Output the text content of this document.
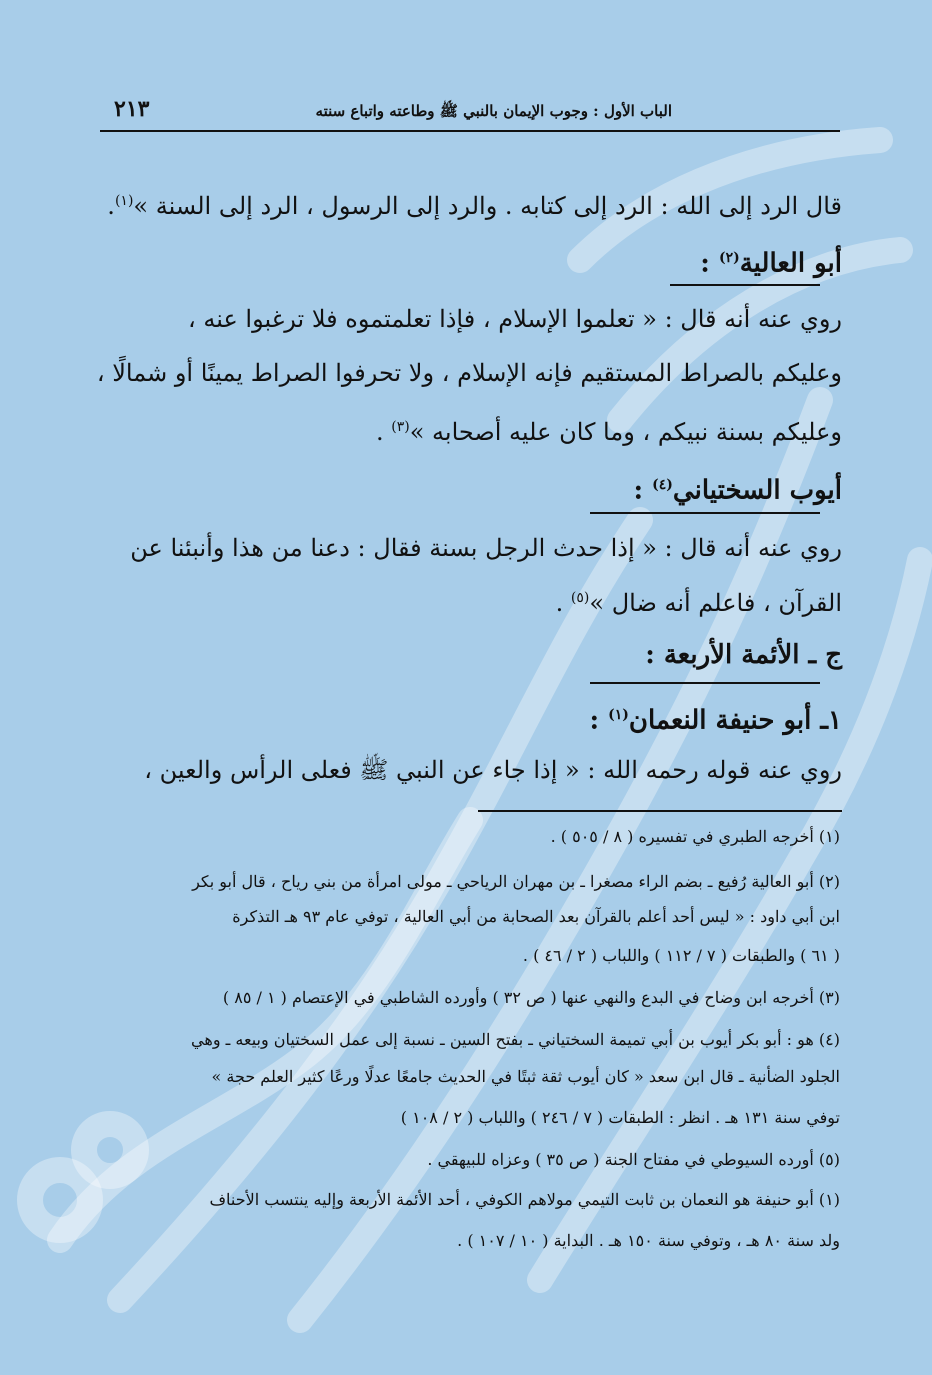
الباب الأول : وجوب الإيمان بالنبي ﷺ وطاعته واتباع سنته
٢١٣
قال الرد إلى الله : الرد إلى كتابه . والرد إلى الرسول ، الرد إلى السنة »$^{(١)}$.
أبو العالية$^{(٢)}$ :
روي عنه أنه قال : « تعلموا الإسلام ، فإذا تعلمتموه فلا ترغبوا عنه ،
وعليكم بالصراط المستقيم فإنه الإسلام ، ولا تحرفوا الصراط يمينًا أو شمالًا ،
وعليكم بسنة نبيكم ، وما كان عليه أصحابه »$^{(٣)}$ .
أيوب السختياني$^{(٤)}$ :
روي عنه أنه قال : « إذا حدث الرجل بسنة فقال : دعنا من هذا وأنبئنا عن
القرآن ، فاعلم أنه ضال »$^{(٥)}$ .
ج ـ الأئمة الأربعة :
١ـ أبو حنيفة النعمان$^{(١)}$ :
روي عنه قوله رحمه الله : « إذا جاء عن النبي ﷺ فعلى الرأس والعين ،
(١) أخرجه الطبري في تفسيره ( ٨ / ٥٠٥ ) .
(٢) أبو العالية رُفيع ـ بضم الراء مصغرا ـ بن مهران الرياحي ـ مولى امرأة من بني رياح ، قال أبو بكر
ابن أبي داود : « ليس أحد أعلم بالقرآن بعد الصحابة من أبي العالية ، توفي عام ٩٣ هـ التذكرة
( ٦١ ) والطبقات ( ٧ / ١١٢ ) واللباب ( ٢ / ٤٦ ) .
(٣) أخرجه ابن وضاح في البدع والنهي عنها ( ص ٣٢ ) وأورده الشاطبي في الإعتصام ( ١ / ٨٥ )
(٤) هو : أبو بكر أيوب بن أبي تميمة السختياني ـ بفتح السين ـ نسبة إلى عمل السختيان وبيعه ـ وهي
الجلود الضأنية ـ قال ابن سعد « كان أيوب ثقة ثبتًا في الحديث جامعًا عدلًا ورعًا كثير العلم حجة »
توفي سنة ١٣١ هـ . انظر : الطبقات ( ٧ / ٢٤٦ ) واللباب ( ٢ / ١٠٨ )
(٥) أورده السيوطي في مفتاح الجنة ( ص ٣٥ ) وعزاه للبيهقي .
(١) أبو حنيفة هو النعمان بن ثابت التيمي مولاهم الكوفي ، أحد الأئمة الأربعة وإليه ينتسب الأحناف
ولد سنة ٨٠ هـ ، وتوفي سنة ١٥٠ هـ . البداية ( ١٠ / ١٠٧ ) .
